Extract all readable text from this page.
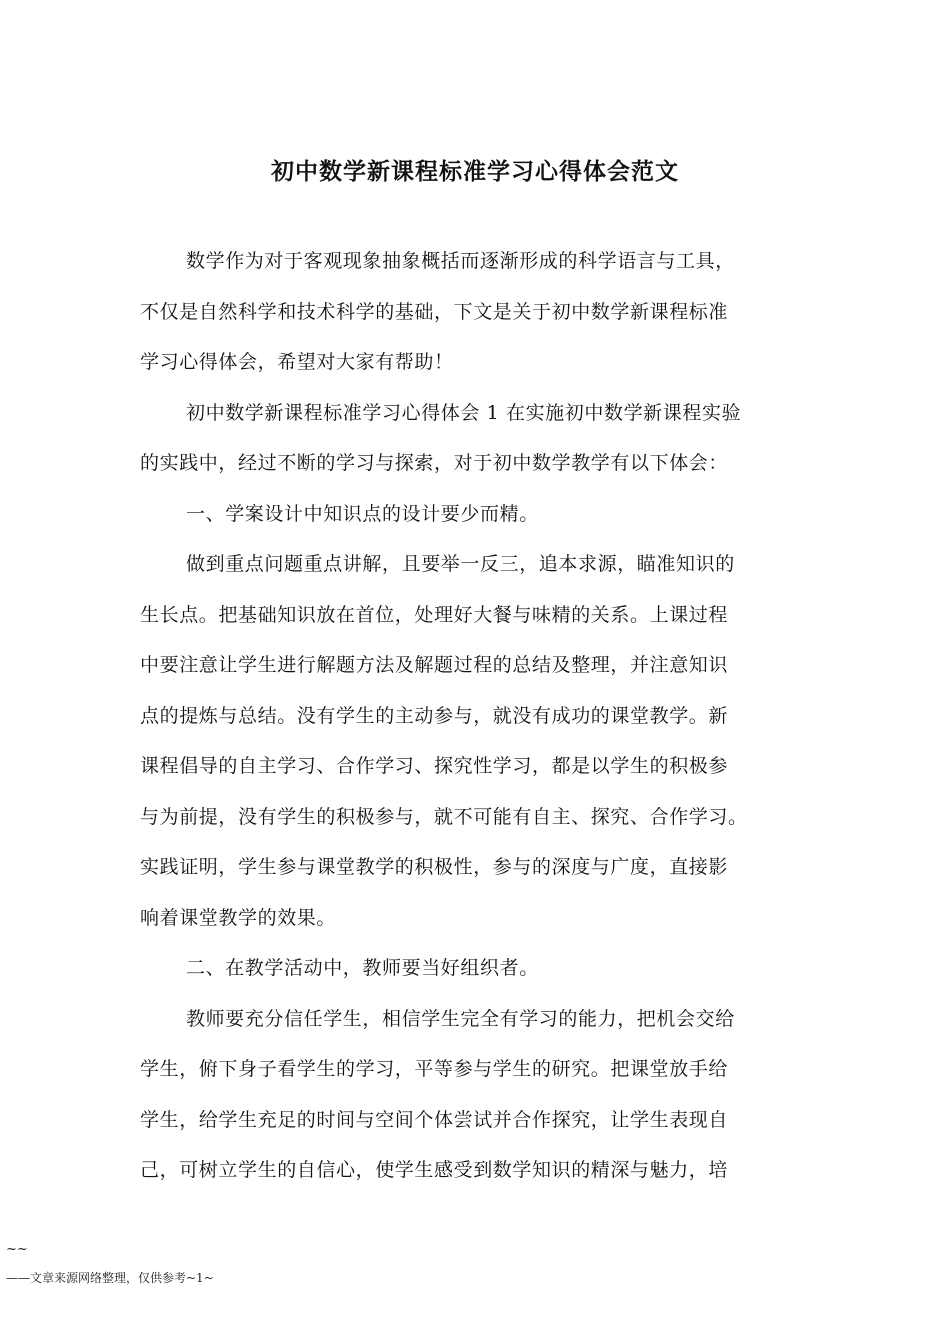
初中数学新课程标准学习心得体会范文
数学作为对于客观现象抽象概括而逐渐形成的科学语言与工具，
不仅是自然科学和技术科学的基础，下文是关于初中数学新课程标准
学习心得体会，希望对大家有帮助！
初中数学新课程标准学习心得体会 1 在实施初中数学新课程实验
的实践中，经过不断的学习与探索，对于初中数学教学有以下体会：
一、学案设计中知识点的设计要少而精。
做到重点问题重点讲解，且要举一反三，追本求源，瞄准知识的
生长点。把基础知识放在首位，处理好大餐与味精的关系。上课过程
中要注意让学生进行解题方法及解题过程的总结及整理，并注意知识
点的提炼与总结。没有学生的主动参与，就没有成功的课堂教学。新
课程倡导的自主学习、合作学习、探究性学习，都是以学生的积极参
与为前提，没有学生的积极参与，就不可能有自主、探究、合作学习。
实践证明，学生参与课堂教学的积极性，参与的深度与广度，直接影
响着课堂教学的效果。
二、在教学活动中，教师要当好组织者。
教师要充分信任学生，相信学生完全有学习的能力，把机会交给
学生，俯下身子看学生的学习，平等参与学生的研究。把课堂放手给
学生，给学生充足的时间与空间个体尝试并合作探究，让学生表现自
己，可树立学生的自信心，使学生感受到数学知识的精深与魅力，培
~~
——文章来源网络整理，仅供参考~1~
